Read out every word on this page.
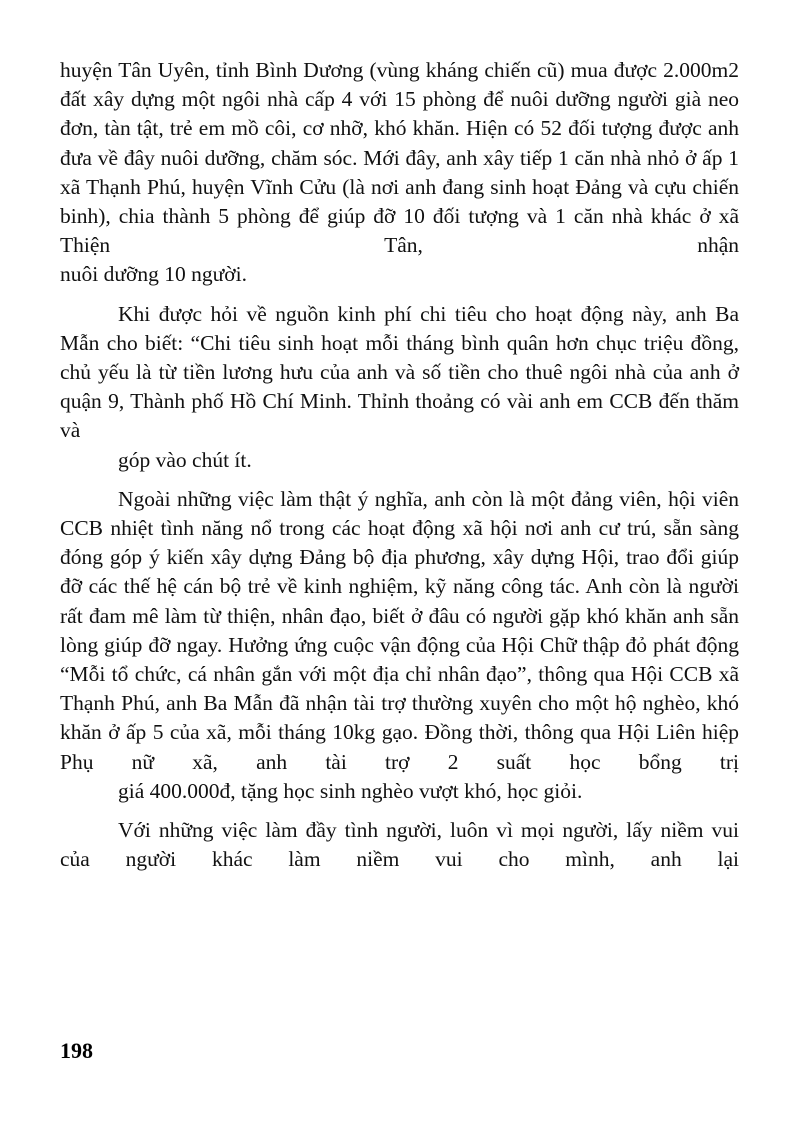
huyện Tân Uyên, tỉnh Bình Dương (vùng kháng chiến cũ) mua được 2.000m2 đất xây dựng một ngôi nhà cấp 4 với 15 phòng để nuôi dưỡng người già neo đơn, tàn tật, trẻ em mồ côi, cơ nhỡ, khó khăn. Hiện có 52 đối tượng được anh đưa về đây nuôi dưỡng, chăm sóc. Mới đây, anh xây tiếp 1 căn nhà nhỏ ở ấp 1 xã Thạnh Phú, huyện Vĩnh Cửu (là nơi anh đang sinh hoạt Đảng và cựu chiến binh), chia thành 5 phòng để giúp đỡ 10 đối tượng và 1 căn nhà khác ở xã Thiện Tân, nhận
nuôi dưỡng 10 người.

Khi được hỏi về nguồn kinh phí chi tiêu cho hoạt động này, anh Ba Mẫn cho biết: “Chi tiêu sinh hoạt mỗi tháng bình quân hơn chục triệu đồng, chủ yếu là từ tiền lương hưu của anh và số tiền cho thuê ngôi nhà của anh ở quận 9, Thành phố Hồ Chí Minh. Thỉnh thoảng có vài anh em CCB đến thăm và
góp vào chút ít.

Ngoài những việc làm thật ý nghĩa, anh còn là một đảng viên, hội viên CCB nhiệt tình năng nổ trong các hoạt động xã hội nơi anh cư trú, sẵn sàng đóng góp ý kiến xây dựng Đảng bộ địa phương, xây dựng Hội, trao đổi giúp đỡ các thế hệ cán bộ trẻ về kinh nghiệm, kỹ năng công tác. Anh còn là người rất đam mê làm từ thiện, nhân đạo, biết ở đâu có người gặp khó khăn anh sẵn lòng giúp đỡ ngay. Hưởng ứng cuộc vận động của Hội Chữ thập đỏ phát động “Mỗi tổ chức, cá nhân gắn với một địa chỉ nhân đạo”, thông qua Hội CCB xã Thạnh Phú, anh Ba Mẫn đã nhận tài trợ thường xuyên cho một hộ nghèo, khó khăn ở ấp 5 của xã, mỗi tháng 10kg gạo. Đồng thời, thông qua Hội Liên hiệp Phụ nữ xã, anh tài trợ 2 suất học bổng trị
giá 400.000đ, tặng học sinh nghèo vượt khó, học giỏi.

Với những việc làm đầy tình người, luôn vì mọi người, lấy niềm vui của người khác làm niềm vui cho mình, anh lại

198
